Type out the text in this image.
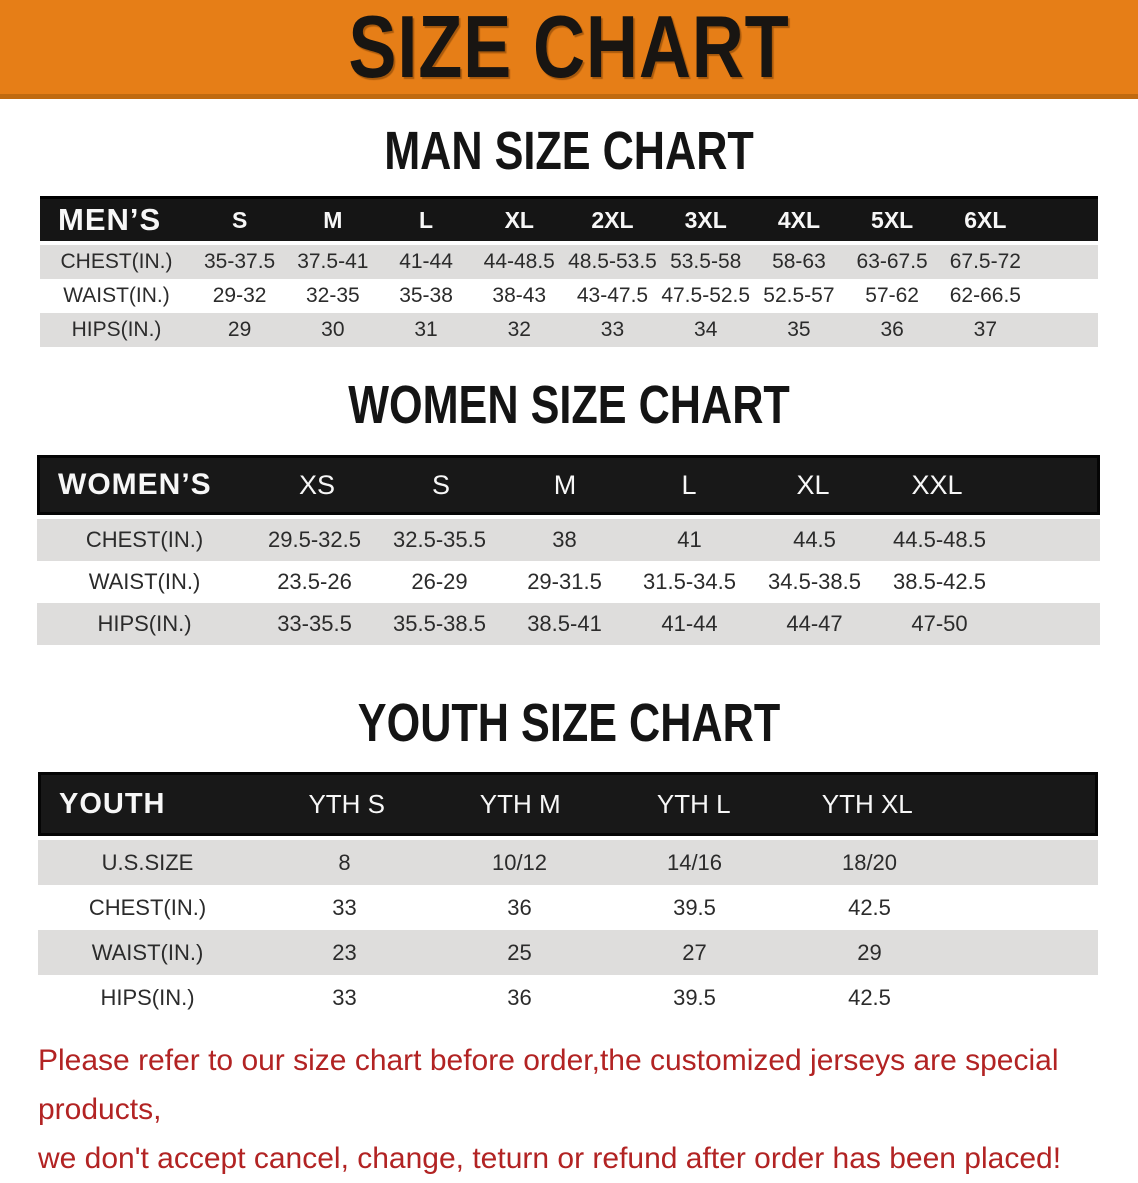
SIZE CHART
MAN SIZE CHART
MEN’S	S	M	L	XL	2XL	3XL	4XL	5XL	6XL
CHEST(IN.)	35-37.5	37.5-41	41-44	44-48.5 48.5-53.5 53.5-58	58-63	63-67.5	67.5-72
WAIST(IN.)	29-32	32-35	35-38	38-43	43-47.5 47.5-52.5 52.5-57	57-62	62-66.5
HIPS(IN.)	29	30	31	32	33	34	35	36	37
WOMEN SIZE CHART
WOMEN’S	XS	S	M	L	XL	XXL
CHEST(IN.)	29.5-32.5	32.5-35.5	38	41	44.5	44.5-48.5
WAIST(IN.)	23.5-26	26-29	29-31.5	31.5-34.5	34.5-38.5	38.5-42.5
HIPS(IN.)	33-35.5	35.5-38.5	38.5-41	41-44	44-47	47-50
YOUTH SIZE CHART
YOUTH	YTH S	YTH M	YTH L	YTH XL
U.S.SIZE	8	10/12	14/16	18/20
CHEST(IN.)	33	36	39.5	42.5
WAIST(IN.)	23	25	27	29
HIPS(IN.)	33	36	39.5	42.5
Please refer to our size chart before order,the customized jerseys are special products,
we don't accept cancel, change, teturn or refund after order has been placed!
